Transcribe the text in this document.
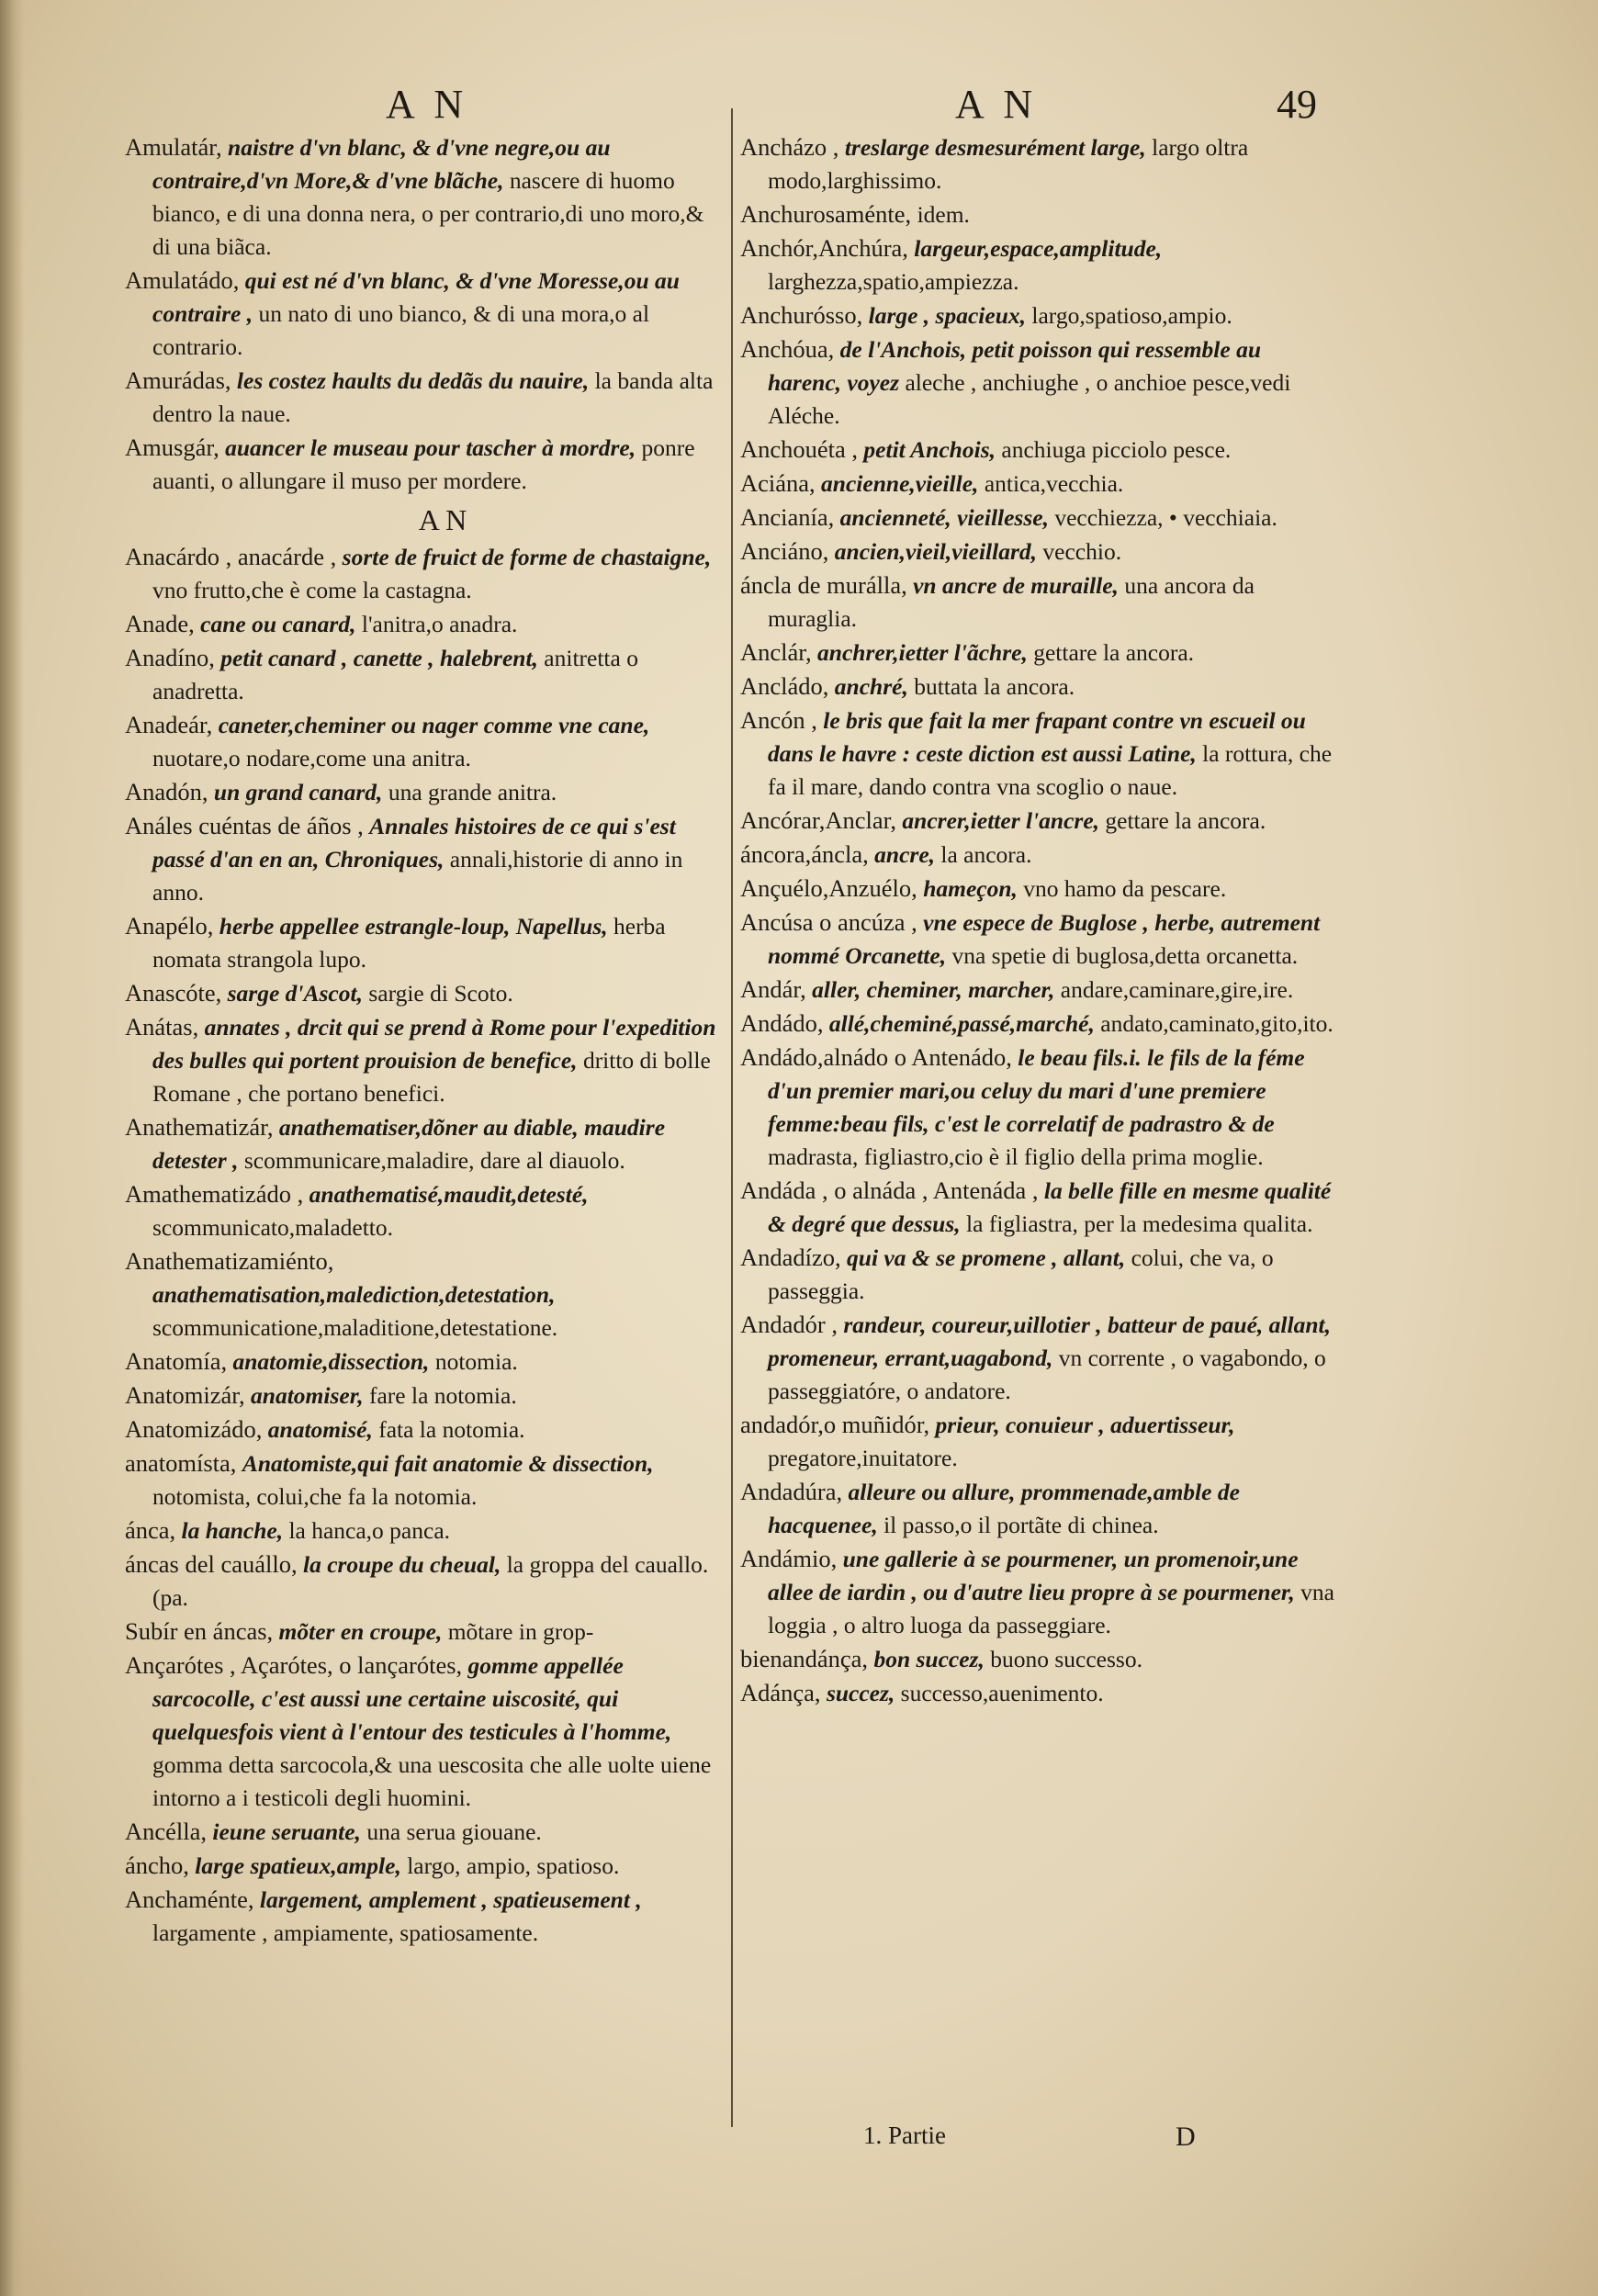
A N	A N	49

Amulatár, naistre d'vn blanc, & d'vne negre,ou au contraire,d'vn More,& d'vne blãche, nascere di huomo bianco, e di una donna nera, o per contrario,di uno moro,& di una biãca.

Amulatádo, qui est né d'vn blanc, & d'vne Moresse,ou au contraire , un nato di uno bianco, & di una mora,o al contrario.

Amurádas, les costez haults du dedãs du nauire, la banda alta dentro la naue.

Amusgár, auancer le museau pour tascher à mordre, ponre auanti, o allungare il muso per mordere.

A N

Anacárdo , anacárde , sorte de fruict de forme de chastaigne, vno frutto,che è come la castagna.

Anade, cane ou canard, l'anitra,o anadra.

Anadíno, petit canard , canette , halebrent, anitretta o anadretta.

Anadeár, caneter,cheminer ou nager comme vne cane, nuotare,o nodare,come una anitra.

Anadón, un grand canard, una grande anitra.

Análes cuéntas de áños , Annales histoires de ce qui s'est passé d'an en an, Chroniques, annali,historie di anno in anno.

Anapélo, herbe appellee estrangle-loup, Napellus, herba nomata strangola lupo.

Anascóte, sarge d'Ascot, sargie di Scoto.

Anátas, annates , drcit qui se prend à Rome pour l'expedition des bulles qui portent prouision de benefice, dritto di bolle Romane , che portano benefici.

Anathematizár, anathematiser,dõner au diable, maudire detester , scommunicare,maladire, dare al diauolo.

Amathematizádo , anathematisé,maudit,detesté, scommunicato,maladetto.

Anathematizamiénto, anathematisation,malediction,detestation, scommunicatione,maladitione,detestatione.

Anatomía, anatomie,dissection, notomia.

Anatomizár, anatomiser, fare la notomia.

Anatomizádo, anatomisé, fata la notomia.

anatomísta, Anatomiste,qui fait anatomie & dissection, notomista, colui,che fa la notomia.

ánca, la hanche, la hanca,o panca.

áncas del cauállo, la croupe du cheual, la groppa del cauallo. (pa.

Subír en áncas, mõter en croupe, mõtare in grop-

Ançarótes , Açarótes, o lançarótes, gomme appellée sarcocolle, c'est aussi une certaine uiscosité, qui quelquesfois vient à l'entour des testicules à l'homme, gomma detta sarcocola,& una uescosita che alle uolte uiene intorno a i testicoli degli huomini.

Ancélla, ieune seruante, una serua giouane.

áncho, large spatieux,ample, largo, ampio, spatioso.

Anchaménte, largement, amplement , spatieusement , largamente , ampiamente, spatiosamente.

Ancházo , treslarge desmesurément large, largo oltra modo,larghissimo.

Anchurosaménte, idem.

Anchór,Anchúra, largeur,espace,amplitude, larghezza,spatio,ampiezza.

Anchurósso, large , spacieux, largo,spatioso,ampio.

Anchóua, de l'Anchois, petit poisson qui ressemble au harenc, voyez aleche , anchiughe , o anchioe pesce,vedi Aléche.

Anchouéta , petit Anchois, anchiuga picciolo pesce.

Aciána, ancienne,vieille, antica,vecchia.

Ancianía, ancienneté, vieillesse, vecchiezza, • vecchiaia.

Anciáno, ancien,vieil,vieillard, vecchio.

áncla de murálla, vn ancre de muraille, una ancora da muraglia.

Anclár, anchrer,ietter l'ãchre, gettare la ancora.

Ancládo, anchré, buttata la ancora.

Ancón , le bris que fait la mer frapant contre vn escueil ou dans le havre : ceste diction est aussi Latine, la rottura, che fa il mare, dando contra vna scoglio o naue.

Ancórar,Anclar, ancrer,ietter l'ancre, gettare la ancora.

áncora,áncla, ancre, la ancora.

Ançuélo,Anzuélo, hameçon, vno hamo da pescare.

Ancúsa o ancúza , vne espece de Buglose , herbe, autrement nommé Orcanette, vna spetie di buglosa,detta orcanetta.

Andár, aller, cheminer, marcher, andare,caminare,gire,ire.

Andádo, allé,cheminé,passé,marché, andato,caminato,gito,ito.

Andádo,alnádo o Antenádo, le beau fils.i. le fils de la féme d'un premier mari,ou celuy du mari d'une premiere femme:beau fils, c'est le correlatif de padrastro & de madrasta, figliastro,cio è il figlio della prima moglie.

Andáda , o alnáda , Antenáda , la belle fille en mesme qualité & degré que dessus, la figliastra, per la medesima qualita.

Andadízo, qui va & se promene , allant, colui, che va, o passeggia.

Andadór , randeur, coureur,uillotier , batteur de paué, allant, promeneur, errant,uagabond, vn corrente , o vagabondo, o passeggiatóre, o andatore.

andadór,o muñidór, prieur, conuieur , aduertisseur, pregatore,inuitatore.

Andadúra, alleure ou allure, prommenade,amble de hacquenee, il passo,o il portãte di chinea.

Andámio, une gallerie à se pourmener, un promenoir,une allee de iardin , ou d'autre lieu propre à se pourmener, vna loggia , o altro luoga da passeggiare.

bienandánça, bon succez, buono successo.

Adánça, succez, successo,auenimento.

1. Partie	D
